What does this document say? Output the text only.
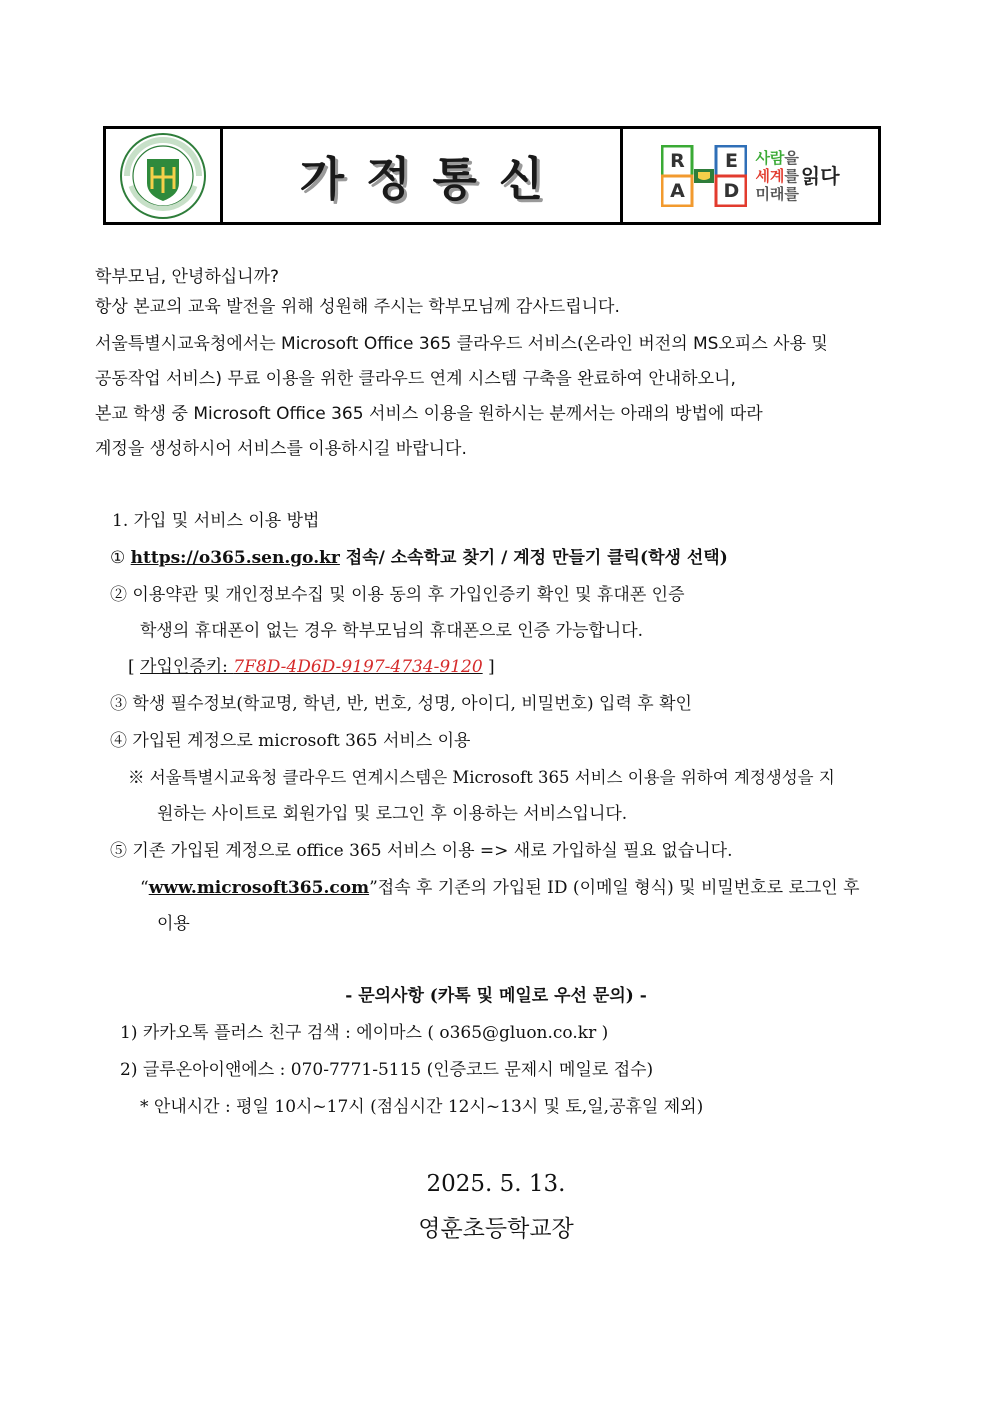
가정통신	R	E
A D
사람 을
세계 를 읽다
미래를
학부모님, 안녕하십니까?
항상 본교의 교육 발전을 위해 성원해 주시는 학부모님께 감사드립니다.
서울특별시교육청에서는 Microsoft Office 365 클라우드 서비스(온라인 버전의 MS오피스 사용 및
공동작업 서비스) 무료 이용을 위한 클라우드 연계 시스템 구축을 완료하여 안내하오니,
본교 학생 중 Microsoft Office 365 서비스 이용을 원하시는 분께서는 아래의 방법에 따라
계정을 생성하시어 서비스를 이용하시길 바랍니다.
1. 가입 및 서비스 이용 방법
① https://o365.sen.go.kr 접속/ 소속학교 찾기 / 계정 만들기 클릭(학생 선택)
② 이용약관 및 개인정보수집 및 이용 동의 후 가입인증키 확인 및 휴대폰 인증
학생의 휴대폰이 없는 경우 학부모님의 휴대폰으로 인증 가능합니다.
[ 가입인증키: 7F8D-4D6D-9197-4734-9120 ]
③ 학생 필수정보(학교명, 학년, 반, 번호, 성명, 아이디, 비밀번호) 입력 후 확인
④ 가입된 계정으로 microsoft 365 서비스 이용
※ 서울특별시교육청 클라우드 연계시스템은 Microsoft 365 서비스 이용을 위하여 계정생성을 지
원하는 사이트로 회원가입 및 로그인 후 이용하는 서비스입니다.
⑤ 기존 가입된 계정으로 office 365 서비스 이용 => 새로 가입하실 필요 없습니다.
“www.microsoft365.com”접속 후 기존의 가입된 ID (이메일 형식) 및 비밀번호로 로그인 후
이용
- 문의사항 (카톡 및 메일로 우선 문의) -
1) 카카오톡 플러스 친구 검색 : 에이마스 ( o365@gluon.co.kr )
2) 글루온아이앤에스 : 070-7771-5115 (인증코드 문제시 메일로 접수)
* 안내시간 : 평일 10시~17시 (점심시간 12시~13시 및 토,일,공휴일 제외)
2025. 5. 13.
영훈초등학교장
